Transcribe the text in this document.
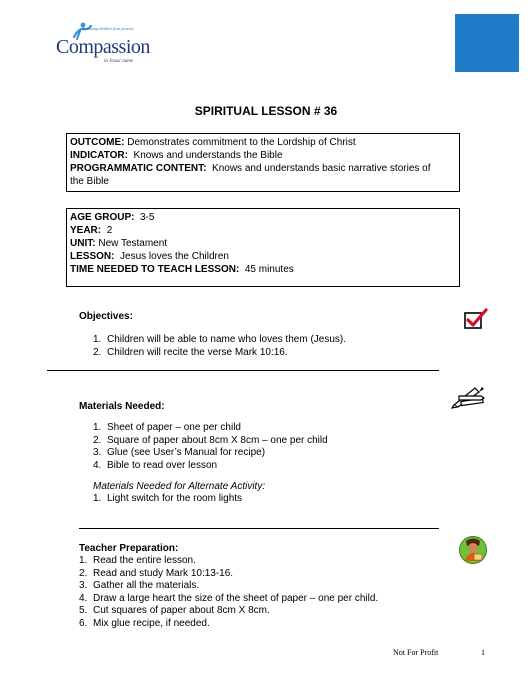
Releasing children from poverty
Compassion
in Jesus' name
SPIRITUAL LESSON # 36
OUTCOME: Demonstrates commitment to the Lordship of Christ
INDICATOR: Knows and understands the Bible
PROGRAMMATIC CONTENT: Knows and understands basic narrative stories of
the Bible
AGE GROUP: 3-5
YEAR: 2
UNIT: New Testament
LESSON: Jesus loves the Children
TIME NEEDED TO TEACH LESSON: 45 minutes
Objectives:
1. Children will be able to name who loves them (Jesus).
2. Children will recite the verse Mark 10:16.
Materials Needed:
1. Sheet of paper – one per child
2. Square of paper about 8cm X 8cm – one per child
3. Glue (see User’s Manual for recipe)
4. Bible to read over lesson
Materials Needed for Alternate Activity:
1. Light switch for the room lights
Teacher Preparation:
1. Read the entire lesson.
2. Read and study Mark 10:13-16.
3. Gather all the materials.
4. Draw a large heart the size of the sheet of paper – one per child.
5. Cut squares of paper about 8cm X 8cm.
6. Mix glue recipe, if needed.
Not For Profit	1
